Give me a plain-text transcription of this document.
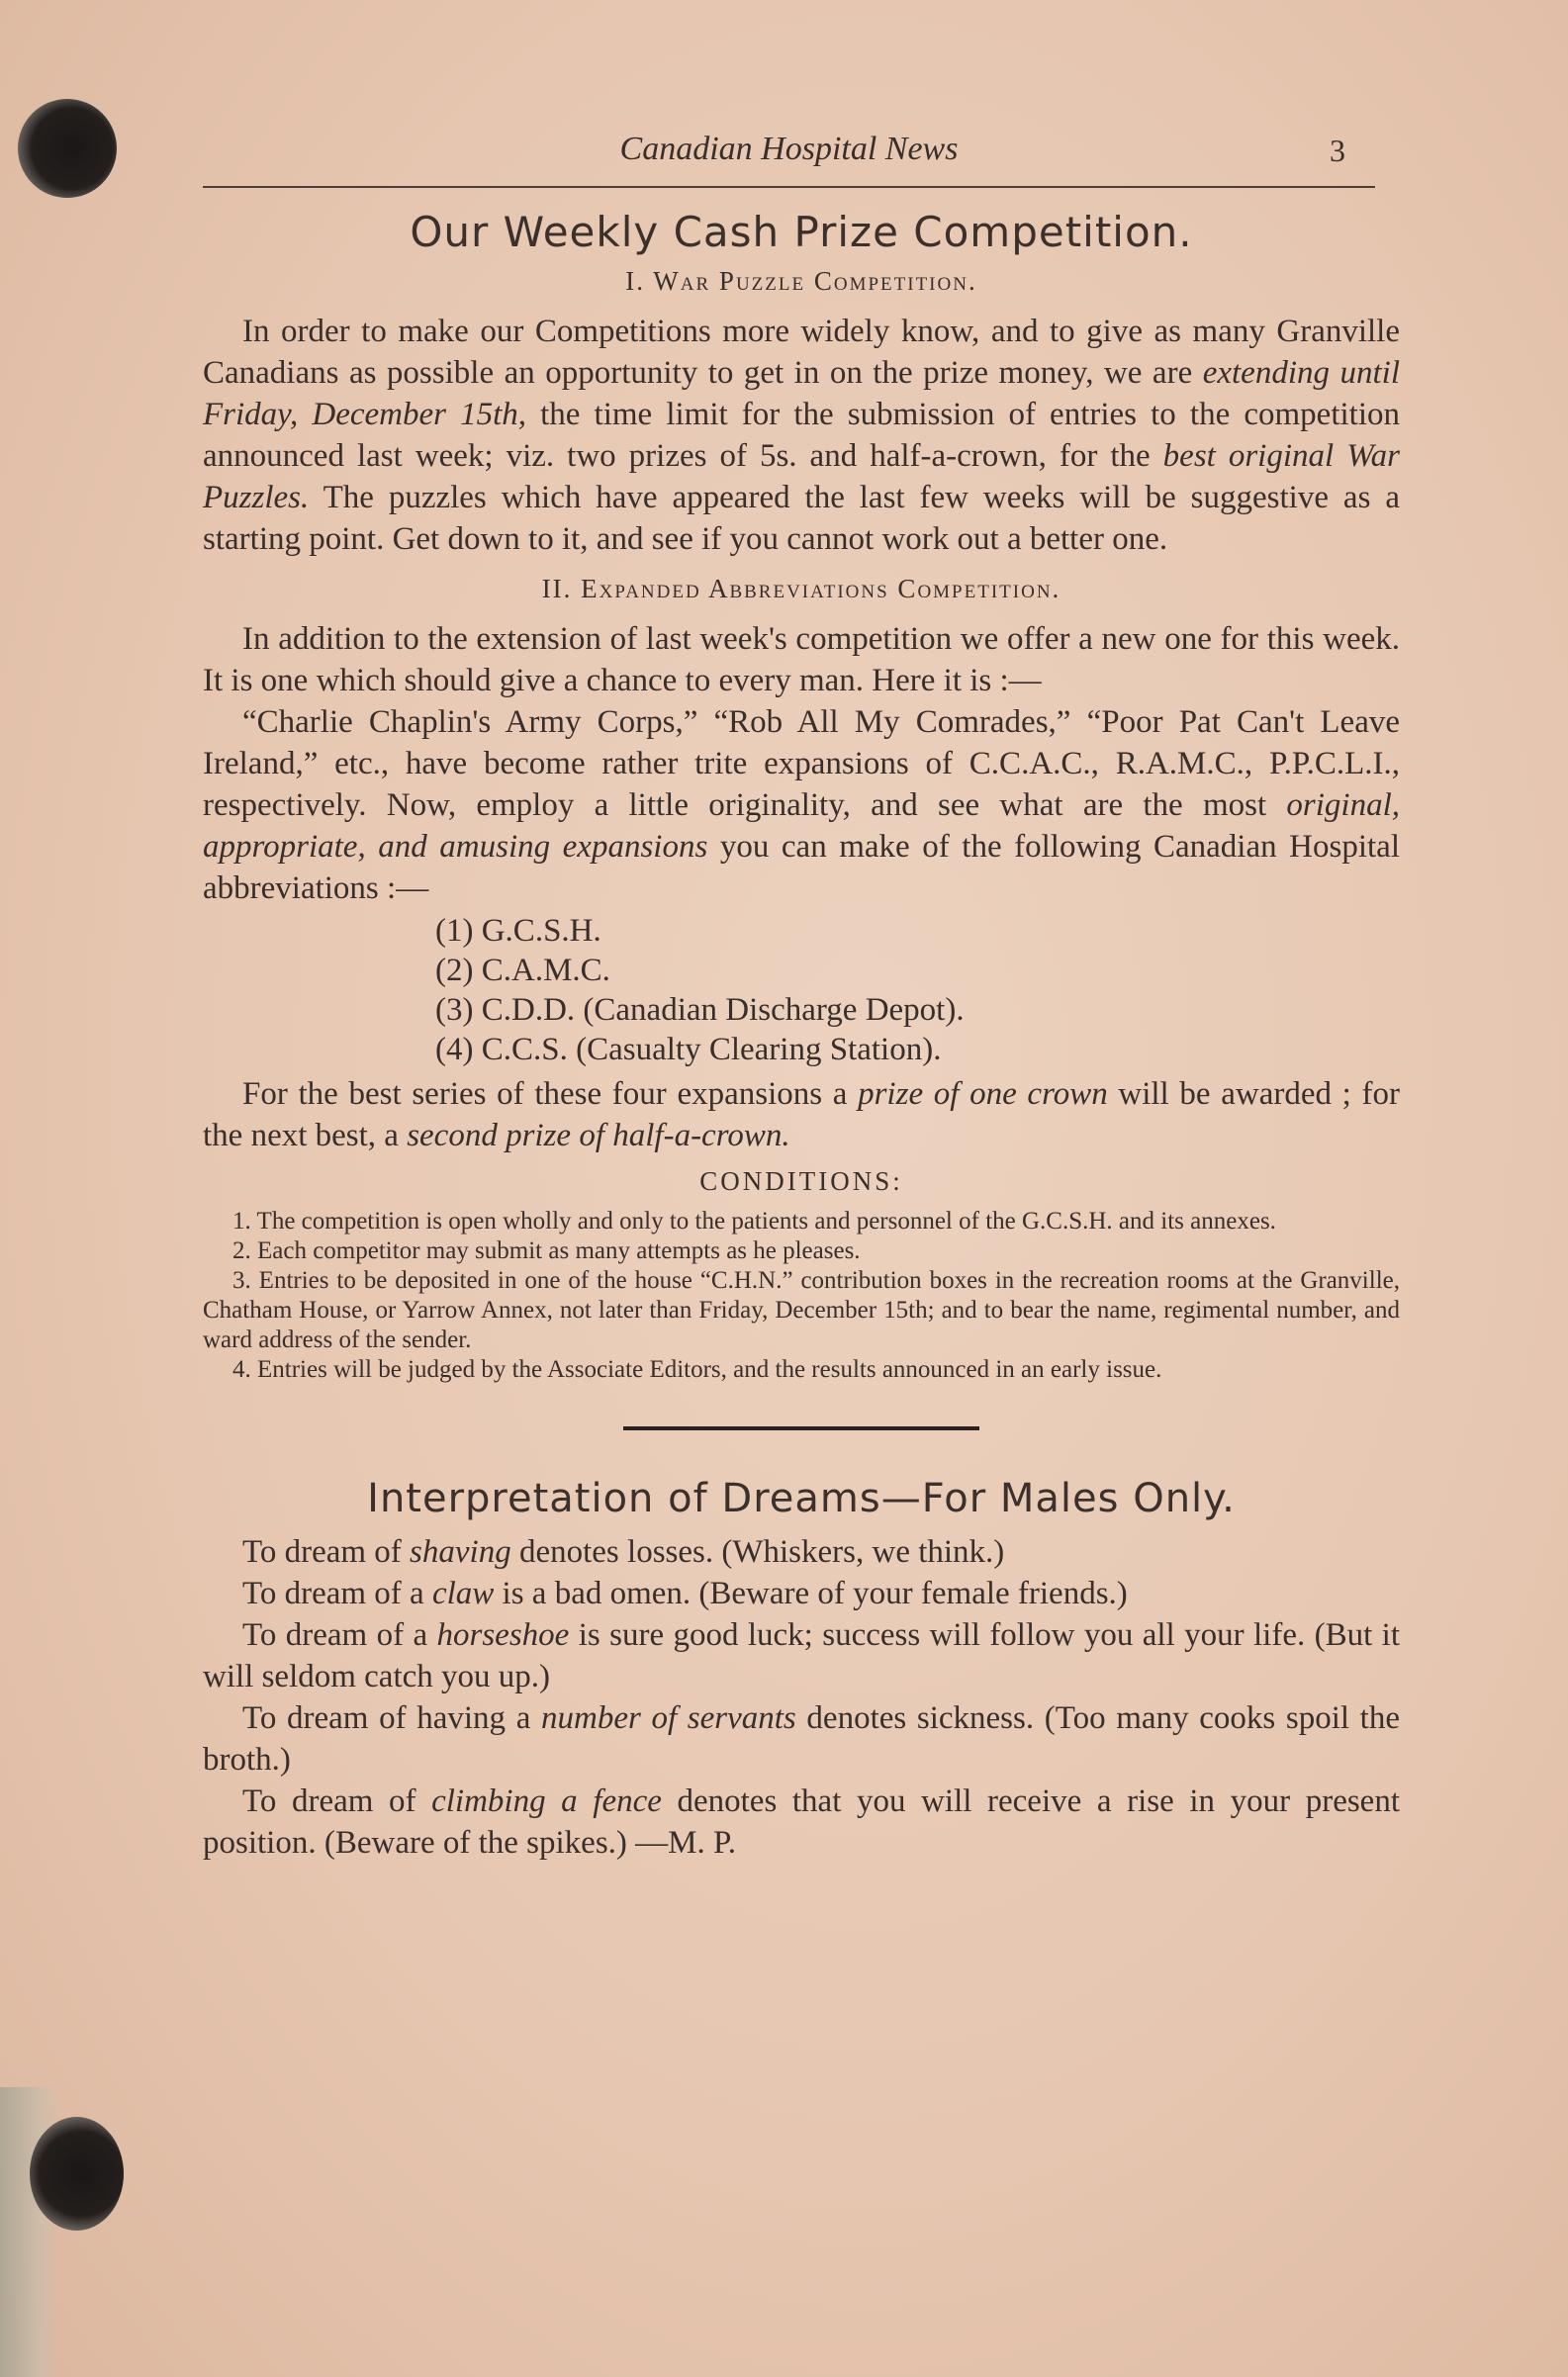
Canadian Hospital News	3
Our Weekly Cash Prize Competition.
I. War Puzzle Competition.

In order to make our Competitions more widely know, and to give as many Granville Canadians as possible an opportunity to get in on the prize money, we are extending until Friday, December 15th, the time limit for the submission of entries to the competition announced last week; viz. two prizes of 5s. and half-a-crown, for the best original War Puzzles. The puzzles which have appeared the last few weeks will be suggestive as a starting point. Get down to it, and see if you cannot work out a better one.

II. Expanded Abbreviations Competition.

In addition to the extension of last week's competition we offer a new one for this week. It is one which should give a chance to every man. Here it is :—

“Charlie Chaplin's Army Corps,” “Rob All My Comrades,” “Poor Pat Can't Leave Ireland,” etc., have become rather trite expansions of C.C.A.C., R.A.M.C., P.P.C.L.I., respectively. Now, employ a little originality, and see what are the most original, appropriate, and amusing expansions you can make of the following Canadian Hospital abbreviations :—

(1) G.C.S.H.
(2) C.A.M.C.
(3) C.D.D. (Canadian Discharge Depot).
(4) C.C.S. (Casualty Clearing Station).

For the best series of these four expansions a prize of one crown will be awarded ; for the next best, a second prize of half-a-crown.

CONDITIONS:

1. The competition is open wholly and only to the patients and personnel of the G.C.S.H. and its annexes.

2. Each competitor may submit as many attempts as he pleases.

3. Entries to be deposited in one of the house “C.H.N.” contribution boxes in the recreation rooms at the Granville, Chatham House, or Yarrow Annex, not later than Friday, December 15th; and to bear the name, regimental number, and ward address of the sender.

4. Entries will be judged by the Associate Editors, and the results announced in an early issue.

Interpretation of Dreams—For Males Only.

To dream of shaving denotes losses. (Whiskers, we think.)

To dream of a claw is a bad omen. (Beware of your female friends.)

To dream of a horseshoe is sure good luck; success will follow you all your life. (But it will seldom catch you up.)

To dream of having a number of servants denotes sickness. (Too many cooks spoil the broth.)

To dream of climbing a fence denotes that you will receive a rise in your present position. (Beware of the spikes.) —M. P.
